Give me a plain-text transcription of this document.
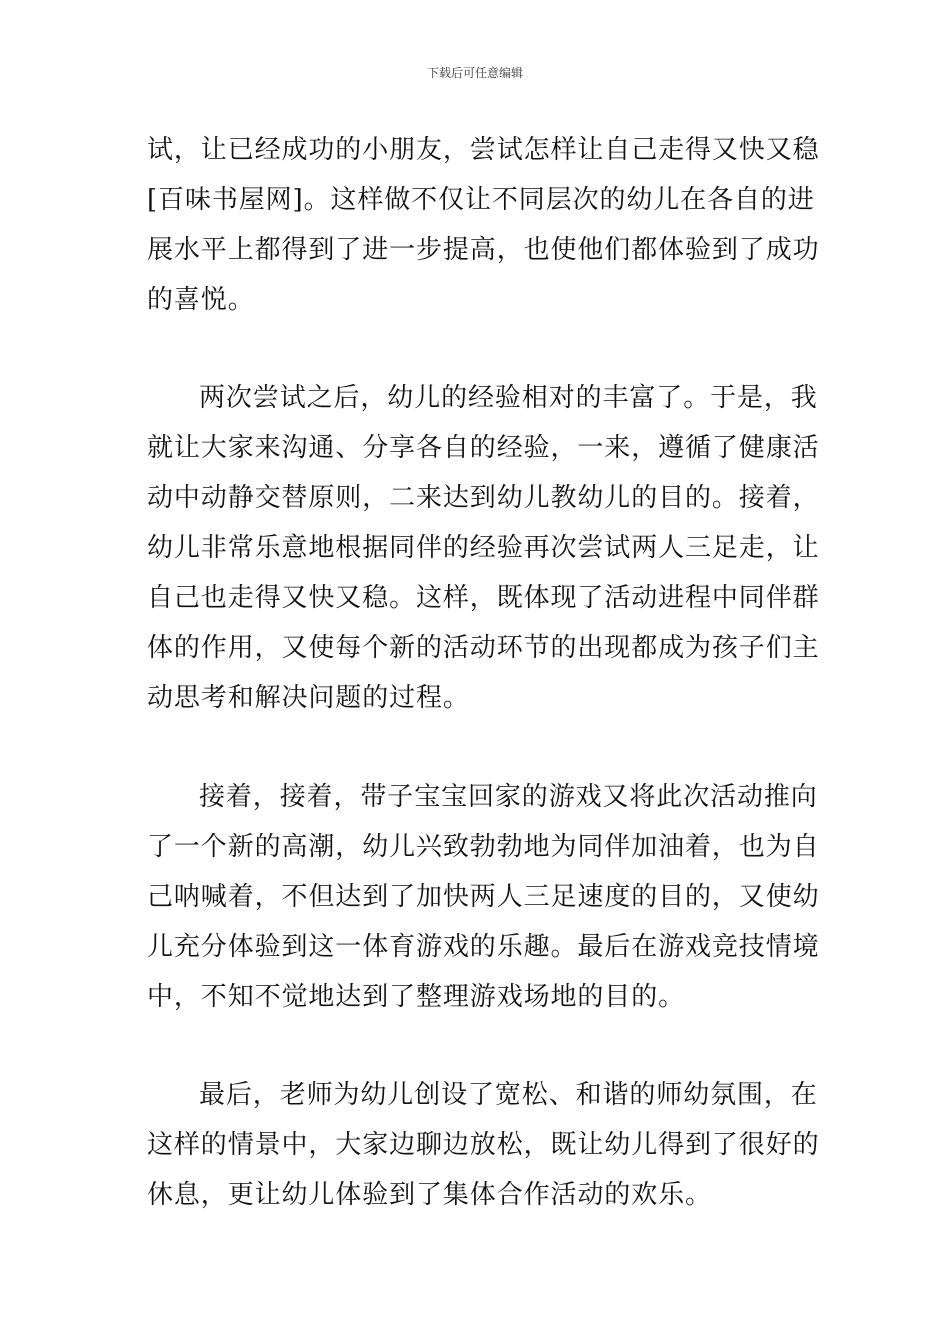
下载后可任意编辑
试，让已经成功的小朋友，尝试怎样让自己走得又快又稳
[百味书屋网]。这样做不仅让不同层次的幼儿在各自的进
展水平上都得到了进一步提高，也使他们都体验到了成功
的喜悦。
两次尝试之后，幼儿的经验相对的丰富了。于是，我
就让大家来沟通、分享各自的经验，一来，遵循了健康活
动中动静交替原则，二来达到幼儿教幼儿的目的。接着，
幼儿非常乐意地根据同伴的经验再次尝试两人三足走，让
自己也走得又快又稳。这样，既体现了活动进程中同伴群
体的作用，又使每个新的活动环节的出现都成为孩子们主
动思考和解决问题的过程。
接着，接着，带子宝宝回家的游戏又将此次活动推向
了一个新的高潮，幼儿兴致勃勃地为同伴加油着，也为自
己呐喊着，不但达到了加快两人三足速度的目的，又使幼
儿充分体验到这一体育游戏的乐趣。最后在游戏竞技情境
中，不知不觉地达到了整理游戏场地的目的。
最后，老师为幼儿创设了宽松、和谐的师幼氛围，在
这样的情景中，大家边聊边放松，既让幼儿得到了很好的
休息，更让幼儿体验到了集体合作活动的欢乐。
